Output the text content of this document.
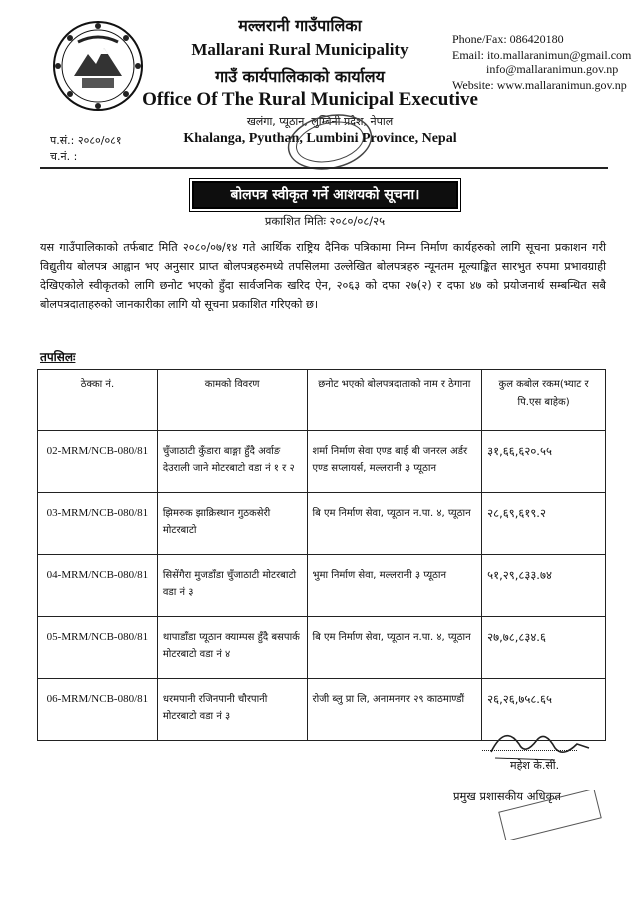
मल्लरानी गाउँपालिका
Mallarani Rural Municipality
गाउँ कार्यपालिकाको कार्यालय
Office Of The Rural Municipal Executive
खलंगा, प्यूठान, लुम्बिनी प्रदेश, नेपाल
Khalanga, Pyuthan, Lumbini Province, Nepal
Phone/Fax: 086420180
Email: ito.mallaranimun@gmail.com
info@mallaranimun.gov.np
Website: www.mallaranimun.gov.np
प.सं.: २०८०/०८१
च.नं. :
बोलपत्र स्वीकृत गर्ने आशयको सूचना।
प्रकाशित मितिः २०८०/०८/२५
यस गाउँपालिकाको तर्फबाट मिति २०८०/०७/१४ गते आर्थिक राष्ट्रिय दैनिक पत्रिकामा निम्न निर्माण कार्यहरुको लागि सूचना प्रकाशन गरी विद्युतीय बोलपत्र आह्वान भए अनुसार प्राप्त बोलपत्रहरुमध्ये तपसिलमा उल्लेखित बोलपत्रहरु न्यूनतम मूल्याङ्कित सारभुत रुपमा प्रभावग्राही देखिएकोले स्वीकृतको लागि छनोट भएको हुँदा सार्वजनिक खरिद ऐन, २०६३ को दफा २७(२) र दफा ४७ को प्रयोजनार्थ सम्बन्धित सबै बोलपत्रदाताहरुको जानकारीका लागि यो सूचना प्रकाशित गरिएको छ।
तपसिलः
ठेक्का नं.	कामको विवरण	छनोट भएको बोलपत्रदाताको नाम र ठेगाना	कुल कबोल रकम(भ्याट र पि.एस बाहेक)
02-MRM/NCB-080/81	चुँजाठाटी कुँडारा बाङ्गा हुँदै अर्वाङ देउराली जाने मोटरबाटो वडा नं १ र २	शर्मा निर्माण सेवा एण्ड बाई बी जनरल अर्डर एण्ड सप्लायर्स, मल्लरानी ३ प्यूठान	३१,६६,६२०.५५
03-MRM/NCB-080/81	झिमरुक झाक्रिस्थान गुठकसेरी मोटरबाटो	बि एम निर्माण सेवा, प्यूठान न.पा. ४, प्यूठान	२८,६९,६१९.२
04-MRM/NCB-080/81	सिसेंगैरा मुजडाँडा चुँजाठाटी मोटरबाटो वडा नं ३	भुमा निर्माण सेवा, मल्लरानी ३ प्यूठान	५१,२९,८३३.७४
05-MRM/NCB-080/81	थापाडाँडा प्यूठान क्याम्पस हुँदै बसपार्क मोटरबाटो वडा नं ४	बि एम निर्माण सेवा, प्यूठान न.पा. ४, प्यूठान	२७,७८,८३४.६
06-MRM/NCB-080/81	धरमपानी रजिनपानी चौरपानी मोटरबाटो वडा नं ३	रोजी ब्लु प्रा लि, अनामनगर २९ काठमाण्डौं	२६,२६,७५८.६५
महेश के.सी.
प्रमुख प्रशासकीय अधिकृत
